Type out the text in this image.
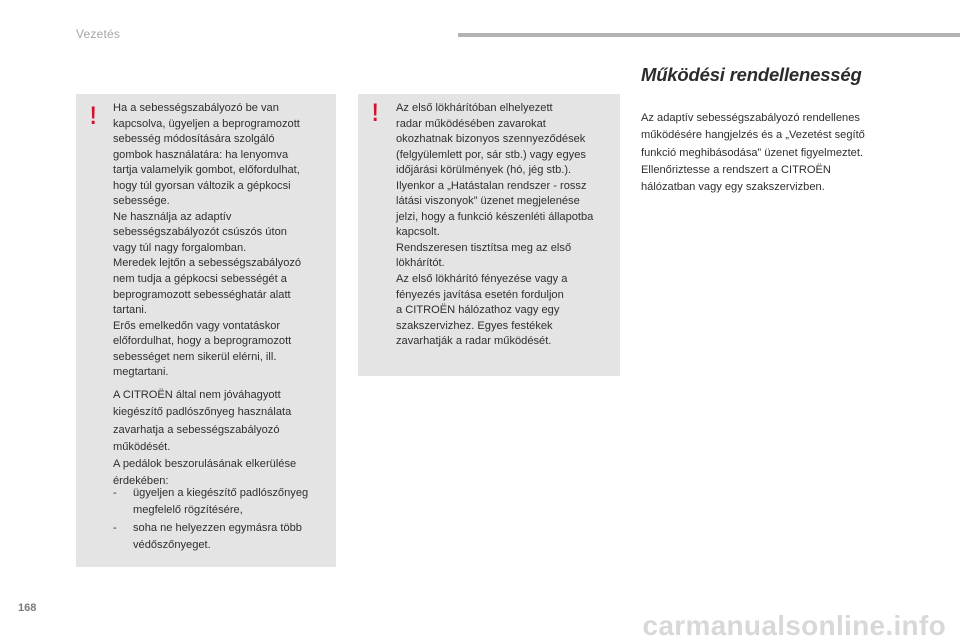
Vezetés
!	!
Ha a sebességszabályozó be van
kapcsolva, ügyeljen a beprogramozott
sebesség módosítására szolgáló
gombok használatára: ha lenyomva
tartja valamelyik gombot, előfordulhat,
hogy túl gyorsan változik a gépkocsi
sebessége.
Ne használja az adaptív
sebességszabályozót csúszós úton
vagy túl nagy forgalomban.
Meredek lejtőn a sebességszabályozó
nem tudja a gépkocsi sebességét a
beprogramozott sebességhatár alatt
tartani.
Erős emelkedőn vagy vontatáskor
előfordulhat, hogy a beprogramozott
sebességet nem sikerül elérni, ill.
megtartani.
A CITROËN által nem jóváhagyott
kiegészítő padlószőnyeg használata
zavarhatja a sebességszabályozó
működését.
A pedálok beszorulásának elkerülése
érdekében:
- ügyeljen a kiegészítő padlószőnyeg
megfelelő rögzítésére,
- soha ne helyezzen egymásra több
védőszőnyeget.
Az első lökhárítóban elhelyezett
radar működésében zavarokat
okozhatnak bizonyos szennyeződések
(felgyülemlett por, sár stb.) vagy egyes
időjárási körülmények (hó, jég stb.).
Ilyenkor a „Hatástalan rendszer - rossz
látási viszonyok” üzenet megjelenése
jelzi, hogy a funkció készenléti állapotba
kapcsolt.
Rendszeresen tisztítsa meg az első
lökhárítót.
Az első lökhárító fényezése vagy a
fényezés javítása esetén forduljon
a CITROËN hálózathoz vagy egy
szakszervizhez. Egyes festékek
zavarhatják a radar működését.
Működési rendellenesség
Az adaptív sebességszabályozó rendellenes
működésére hangjelzés és a „Vezetést segítő
funkció meghibásodása” üzenet figyelmeztet.
Ellenőriztesse a rendszert a CITROËN
hálózatban vagy egy szakszervizben.
168
carmanualsonline.info
